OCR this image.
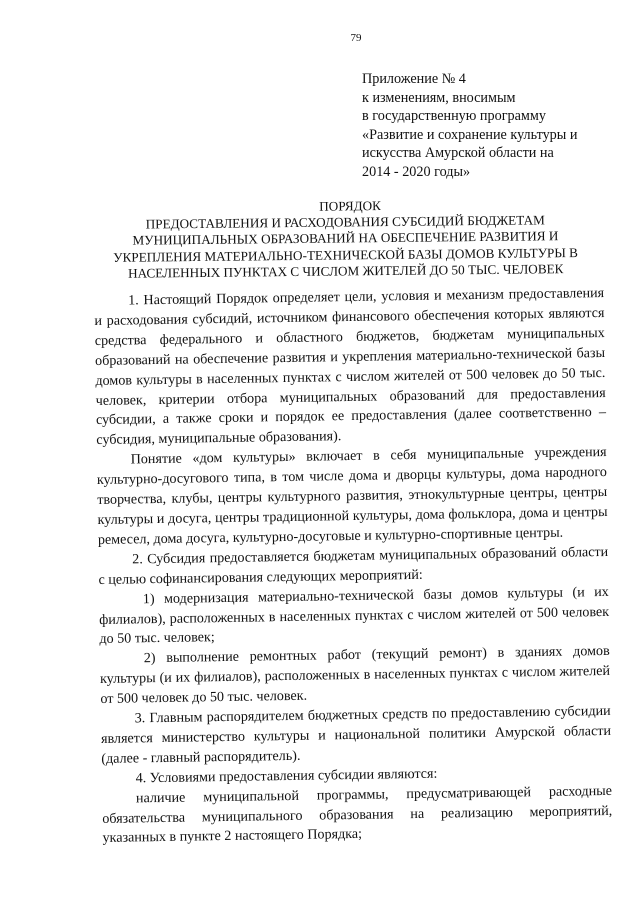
79
Приложение № 4
к изменениям, вносимым
в государственную программу
«Развитие и сохранение культуры и
искусства Амурской области на
2014 - 2020 годы»
ПОРЯДОК
ПРЕДОСТАВЛЕНИЯ И РАСХОДОВАНИЯ СУБСИДИЙ БЮДЖЕТАМ
МУНИЦИПАЛЬНЫХ ОБРАЗОВАНИЙ НА ОБЕСПЕЧЕНИЕ РАЗВИТИЯ И
УКРЕПЛЕНИЯ МАТЕРИАЛЬНО-ТЕХНИЧЕСКОЙ БАЗЫ ДОМОВ КУЛЬТУРЫ В
НАСЕЛЕННЫХ ПУНКТАХ С ЧИСЛОМ ЖИТЕЛЕЙ ДО 50 ТЫС. ЧЕЛОВЕК

1. Настоящий Порядок определяет цели, условия и механизм предоставления и расходования субсидий, источником финансового обеспечения которых являются средства федерального и областного бюджетов, бюджетам муниципальных образований на обеспечение развития и укрепления материально-технической базы домов культуры в населенных пунктах с числом жителей от 500 человек до 50 тыс. человек, критерии отбора муниципальных образований для предоставления субсидии, а также сроки и порядок ее предоставления (далее соответственно – субсидия, муниципальные образования).

Понятие «дом культуры» включает в себя муниципальные учреждения культурно-досугового типа, в том числе дома и дворцы культуры, дома народного творчества, клубы, центры культурного развития, этнокультурные центры, центры культуры и досуга, центры традиционной культуры, дома фольклора, дома и центры ремесел, дома досуга, культурно-досуговые и культурно-спортивные центры.

2. Субсидия предоставляется бюджетам муниципальных образований области с целью софинансирования следующих мероприятий:

1) модернизация материально-технической базы домов культуры (и их филиалов), расположенных в населенных пунктах с числом жителей от 500 человек до 50 тыс. человек;

2) выполнение ремонтных работ (текущий ремонт) в зданиях домов культуры (и их филиалов), расположенных в населенных пунктах с числом жителей от 500 человек до 50 тыс. человек.

3. Главным распорядителем бюджетных средств по предоставлению субсидии является министерство культуры и национальной политики Амурской области (далее - главный распорядитель).

4. Условиями предоставления субсидии являются:

наличие муниципальной программы, предусматривающей расходные обязательства муниципального образования на реализацию мероприятий, указанных в пункте 2 настоящего Порядка;
